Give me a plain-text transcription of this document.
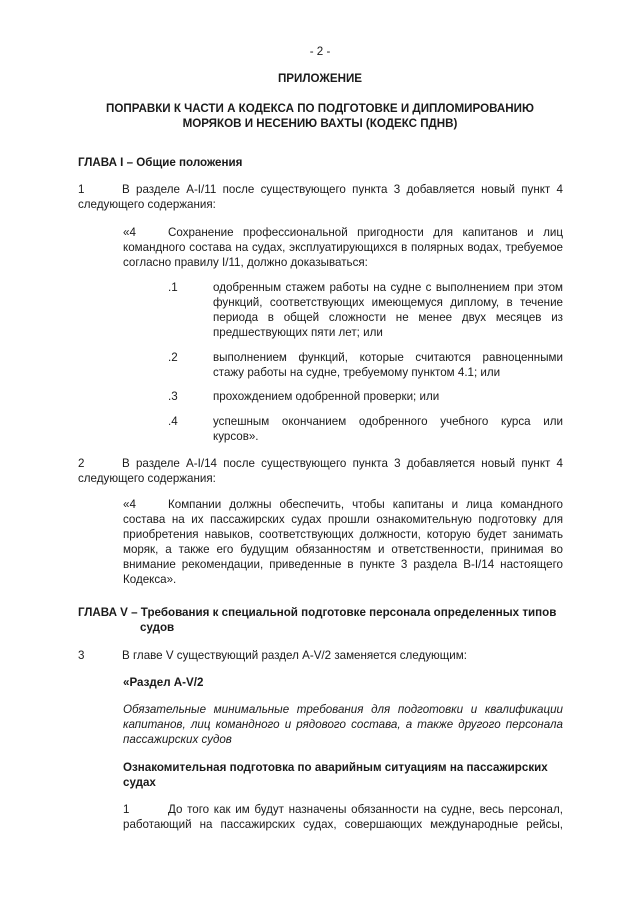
- 2 -
ПРИЛОЖЕНИЕ
ПОПРАВКИ К ЧАСТИ А КОДЕКСА ПО ПОДГОТОВКЕ И ДИПЛОМИРОВАНИЮ
МОРЯКОВ И НЕСЕНИЮ ВАХТЫ (КОДЕКС ПДНВ)
ГЛАВА I – Общие положения
1	В разделе A-I/11 после существующего пункта 3 добавляется новый пункт 4
следующего содержания:
«4	Сохранение профессиональной пригодности для капитанов и лиц
командного состава на судах, эксплуатирующихся в полярных водах, требуемое
согласно правилу I/11, должно доказываться:
.1	одобренным стажем работы на судне с выполнением при этом
функций, соответствующих имеющемуся диплому, в течение
периода в общей сложности не менее двух месяцев из
предшествующих пяти лет; или
.2	выполнением функций, которые считаются равноценными
стажу работы на судне, требуемому пунктом 4.1; или
.3	прохождением одобренной проверки; или
.4	успешным окончанием одобренного учебного курса или
курсов».
2	В разделе A-I/14 после существующего пункта 3 добавляется новый пункт 4
следующего содержания:
«4	Компании должны обеспечить, чтобы капитаны и лица командного
состава на их пассажирских судах прошли ознакомительную подготовку для
приобретения навыков, соответствующих должности, которую будет занимать
моряк, а также его будущим обязанностям и ответственности, принимая во
внимание рекомендации, приведенные в пункте 3 раздела B-I/14 настоящего
Кодекса».
ГЛАВА V – Требования к специальной подготовке персонала определенных типов
судов
3	В главе V существующий раздел A-V/2 заменяется следующим:
«Раздел A-V/2
Обязательные минимальные требования для подготовки и квалификации
капитанов, лиц командного и рядового состава, а также другого персонала
пассажирских судов
Ознакомительная подготовка по аварийным ситуациям на пассажирских
судах
1	До того как им будут назначены обязанности на судне, весь персонал,
работающий на пассажирских судах, совершающих международные рейсы,
